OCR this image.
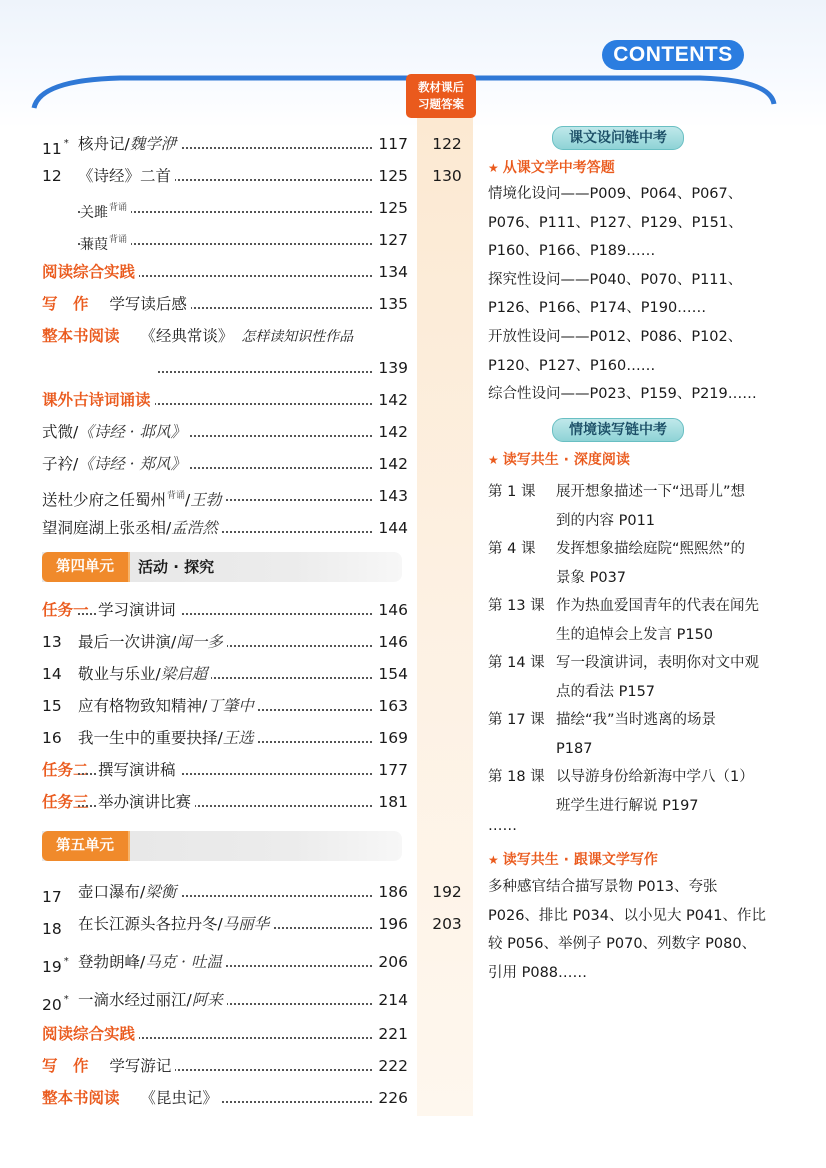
CONTENTS
教材课后
习题答案
11 * 核舟记/魏学洢	117 122
12	《诗经》二首	125 130
关雎$^{背诵}$	125
蒹葭$^{背诵}$	127
阅读综合实践	134
写　作　 学写读后感	135
整本书阅读　 《经典常谈》　 怎样读知识性作品
139
课外古诗词诵读	142
式微/《诗经 · 邶风》	142
子衿/《诗经 · 郑风》	142
送杜少府之任蜀州$^{背诵}$/王勃	143
望洞庭湖上张丞相/孟浩然	144
第四单元	活动 · 探究
任务一 学习演讲词	146
13	最后一次讲演/闻一多	146
14	敬业与乐业/梁启超	154
15	应有格物致知精神/丁肇中	163
16	我一生中的重要抉择/王选	169
任务二 撰写演讲稿	177
任务三 举办演讲比赛	181
第五单元
17	壶口瀑布/梁衡	186 192
18	在长江源头各拉丹冬/马丽华	196 203
19 * 登勃朗峰/马克 · 吐温	206
20 * 一滴水经过丽江/阿来	214
阅读综合实践	221
写　作　 学写游记	222
整本书阅读　 《昆虫记》	226
课文设问链中考
★ 从课文学中考答题
情境化设问——P009、P064、P067、
P076、P111、P127、P129、P151、
P160、P166、P189……
探究性设问——P040、P070、P111、
P126、P166、P174、P190……
开放性设问——P012、P086、P102、
P120、P127、P160……
综合性设问——P023、P159、P219……
情境读写链中考
★ 读写共生 · 深度阅读
第 1 课	展开想象描述一下“迅哥儿”想
到的内容 P011
第 4 课	发挥想象描绘庭院“熙熙然”的
景象 P037
第 13 课 作为热血爱国青年的代表在闻先
生的追悼会上发言 P150
第 14 课 写一段演讲词，表明你对文中观
点的看法 P157
第 17 课 描绘“我”当时逃离的场景
P187
第 18 课 以导游身份给新海中学八（1）
班学生进行解说 P197
……
★ 读写共生 · 跟课文学写作
多种感官结合描写景物 P013、夸张
P026、排比 P034、以小见大 P041、作比
较 P056、举例子 P070、列数字 P080、
引用 P088……
